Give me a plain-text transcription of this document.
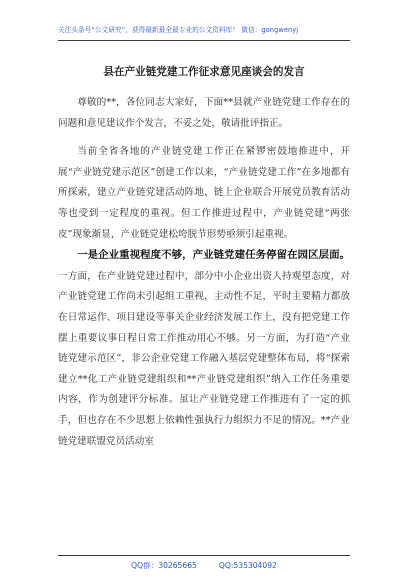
关注头条号“公文研究”，获得最新最全最专业的公文资料库！ 微信：gongwenyj
县在产业链党建工作征求意见座谈会的发言

尊敬的**，各位同志大家好，下面**县就产业链党建工作存在的问题和意见建议作个发言，不妥之处，敬请批评指正。

当前全省各地的产业链党建工作正在紧锣密鼓地推进中，开展“产业链党建示范区”创建工作以来，“产业链党建工作”在多地都有所探索，建立产业链党建活动阵地、链上企业联合开展党员教育活动等也受到一定程度的重视。但工作推进过程中，产业链党建“两张皮”现象渐显，产业链党建松垮脱节形势亟须引起重视。

一是企业重视程度不够，产业链党建任务停留在园区层面。一方面，在产业链党建过程中，部分中小企业出资人持观望态度，对产业链党建工作尚未引起组工重视，主动性不足，平时主要精力都放在日常运作、项目建设等事关企业经济发展工作上，没有把党建工作摆上重要议事日程日常工作推动用心不够。另一方面，为打造“产业链党建示范区”，非公企业党建工作融入基层党建整体布局，将“探索建立**化工产业链党建组织和**产业链党建组织”纳入工作任务重要内容，作为创建评分标准。虽让产业链党建工作推进有了一定的抓手，但也存在不少思想上依赖性强执行力组织力不足的情况。**产业链党建联盟党员活动室

QQ群：30265665	QQ:535304092
